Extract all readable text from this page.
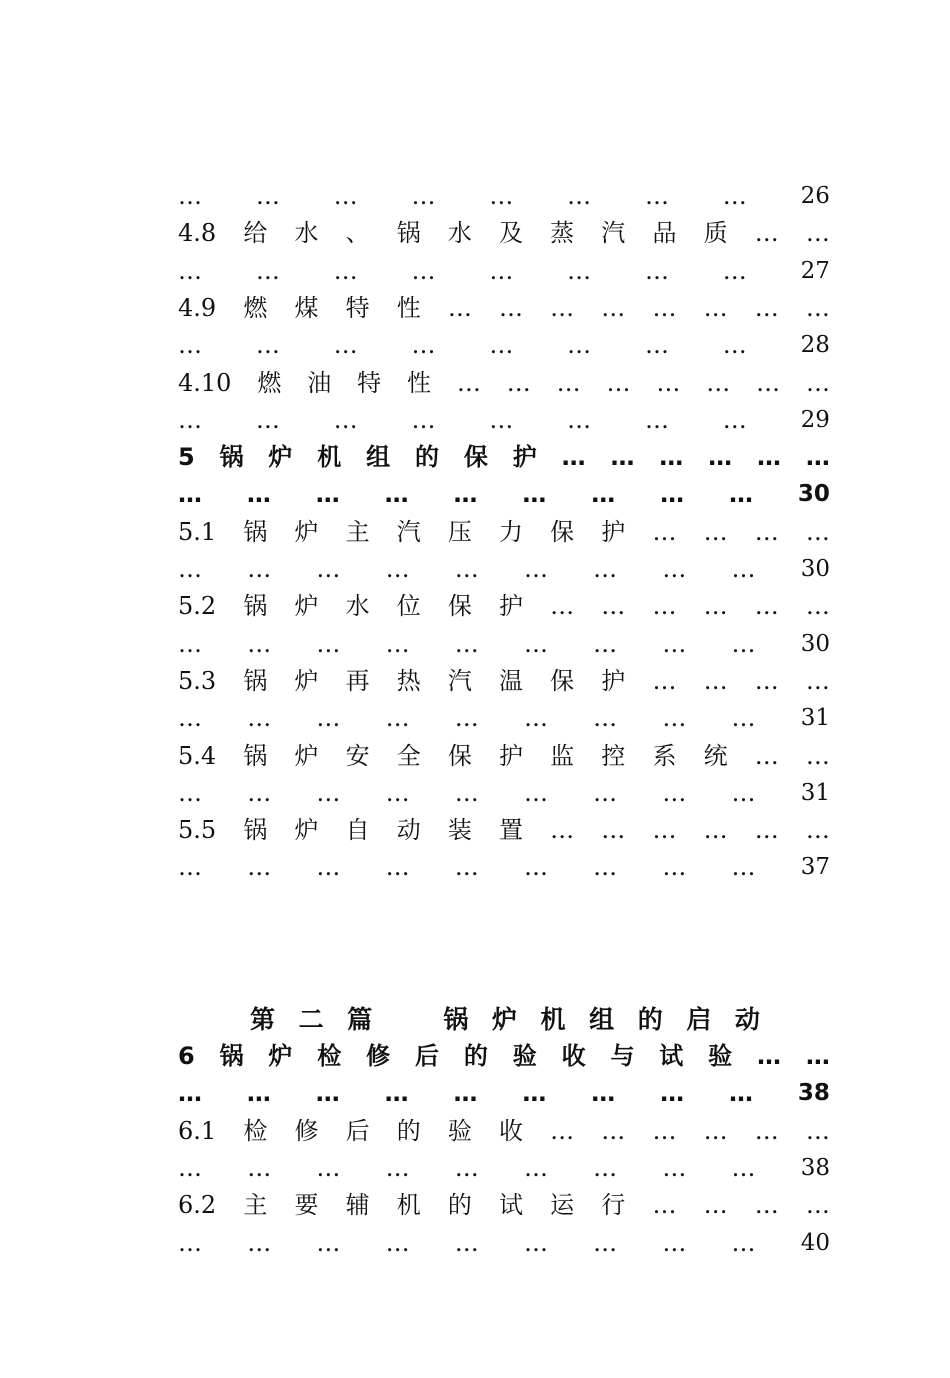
… … … … … … … … 26
4.8 给 水 、 锅 水 及 蒸 汽 品 质 … …
… … … … … … … … 27
4.9 燃 煤 特 性 … … … … … … … …
… … … … … … … … 28
4.10 燃 油 特 性 … … … … … … … …
… … … … … … … … 29
5 锅 炉 机 组 的 保 护 … … … … … …
… … … … … … … … … 30
5.1 锅 炉 主 汽 压 力 保 护 … … … …
… … … … … … … … … 30
5.2 锅 炉 水 位 保 护 … … … … … …
… … … … … … … … … 30
5.3 锅 炉 再 热 汽 温 保 护 … … … …
… … … … … … … … … 31
5.4 锅 炉 安 全 保 护 监 控 系 统 … …
… … … … … … … … … 31
5.5 锅 炉 自 动 装 置 … … … … … …
… … … … … … … … … 37
第 二 篇	锅 炉 机 组 的 启 动
6 锅 炉 检 修 后 的 验 收 与 试 验 … …
… … … … … … … … … 38
6.1 检 修 后 的 验 收 … … … … … …
… … … … … … … … … 38
6.2 主 要 辅 机 的 试 运 行 … … … …
… … … … … … … … … 40
